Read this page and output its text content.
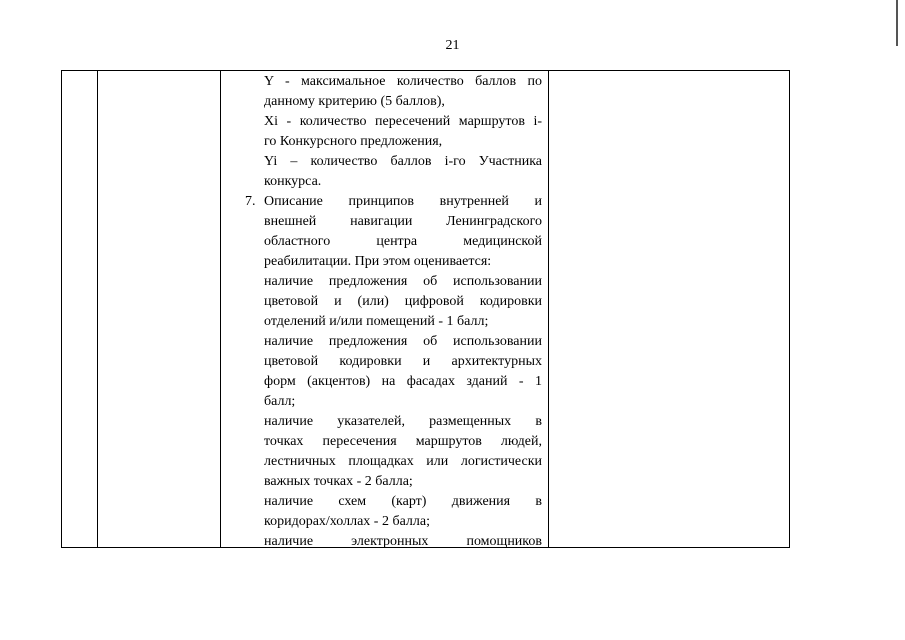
21
Y - максимальное количество баллов по
данному критерию (5 баллов),
Xi - количество пересечений маршрутов i-
го Конкурсного предложения,
Yi – количество баллов i-го Участника
конкурса.
7. Описание принципов внутренней и
внешней навигации Ленинградского
областного центра медицинской
реабилитации. При этом оценивается:
наличие предложения об использовании
цветовой и (или) цифровой кодировки
отделений и/или помещений - 1 балл;
наличие предложения об использовании
цветовой кодировки и архитектурных
форм (акцентов) на фасадах зданий - 1
балл;
наличие указателей, размещенных в
точках пересечения маршрутов людей,
лестничных площадках или логистически
важных точках - 2 балла;
наличие схем (карт) движения в
коридорах/холлах - 2 балла;
наличие электронных помощников
